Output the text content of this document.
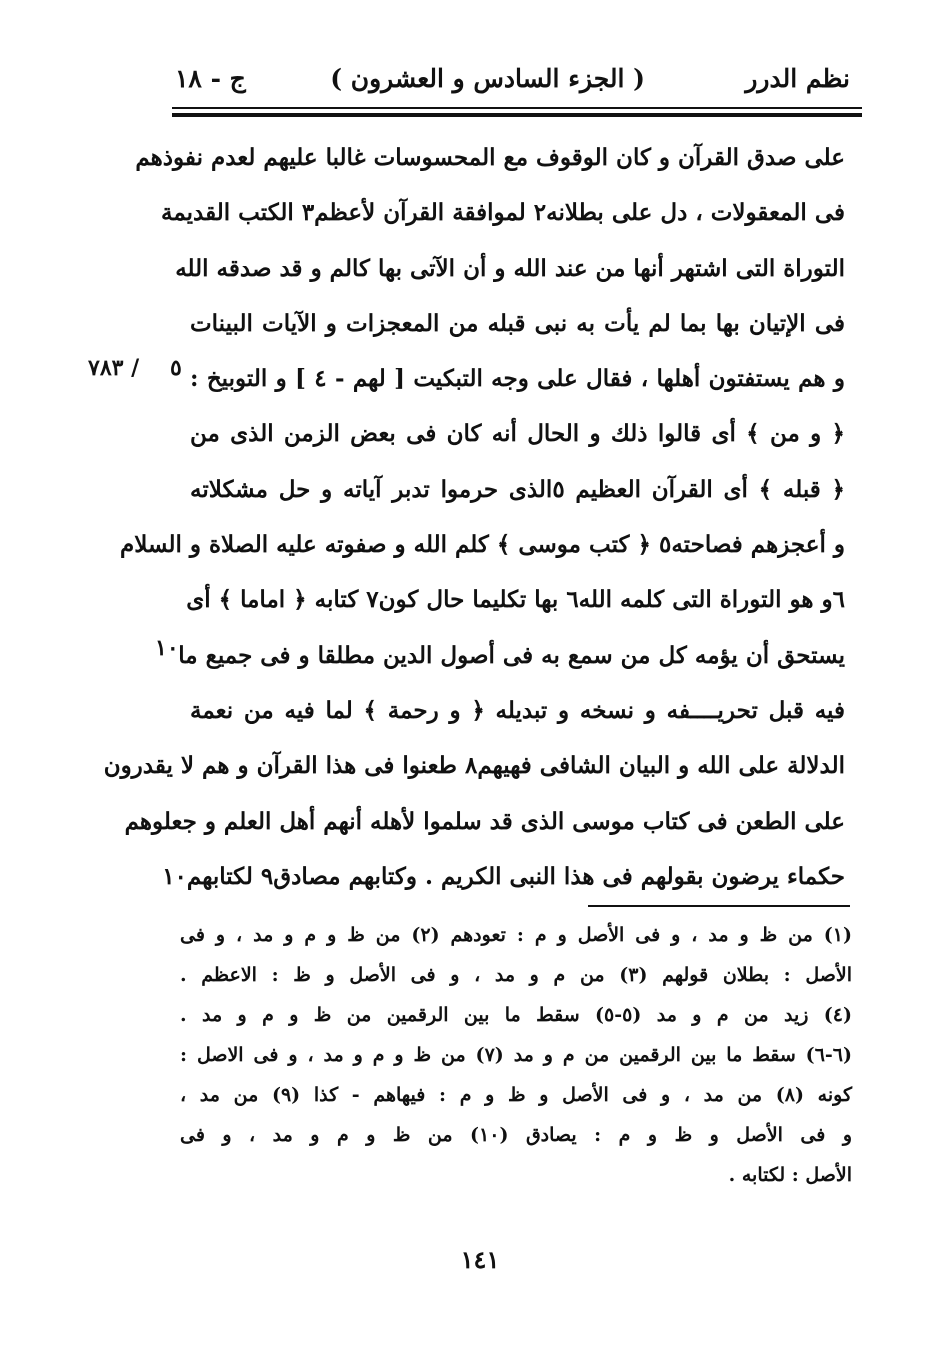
نظم الدرر
( الجزء السادس و العشرون )
ج - ١٨
على صدق القرآن و كان الوقوف مع المحسوسات غالبا عليهم لعدم نفوذهم
فى المعقولات ، دل على بطلانه٢ لموافقة القرآن لأعظم٣ الكتب القديمة
التوراة التى اشتهر أنها من عند الله و أن الآتى بها كالم و قد صدقه الله
فى الإتيان بها بما لم يأت به نبى قبله من المعجزات و الآيات البينات
و هم يستفتون أهلها ، فقال على وجه التبكيت [ لهم - ٤ ] و التوبيخ :
﴿ و من ﴾ أى قالوا ذلك و الحال أنه كان فى بعض الزمن الذى من
﴿ قبله ﴾ أى القرآن العظيم ٥الذى حرموا تدبر آياته و حل مشكلاته
و أعجزهم فصاحته٥ ﴿ كتب موسى ﴾ كلم الله و صفوته عليه الصلاة و السلام
٦و هو التوراة التى كلمه الله٦ بها تكليما حال كون٧ كتابه ﴿ اماما ﴾ أى
يستحق أن يؤمه كل من سمع به فى أصول الدين مطلقا و فى جميع ما
فيه قبل تحريــــفه و نسخه و تبديله ﴿ و رحمة ﴾ لما فيه من نعمة
الدلالة على الله و البيان الشافى فهيهم٨ طعنوا فى هذا القرآن و هم لا يقدرون
على الطعن فى كتاب موسى الذى قد سلموا لأهله أنهم أهل العلم و جعلوهم
حكماء يرضون بقولهم فى هذا النبى الكريم . وكتابهم مصادق٩ لكتابهم١٠
٥
/ ٧٨٣
١٠
(١) من ظ و مد ، و فى الأصل و م : تعودهم (٢) من ظ و م و مد ، و فى
الأصل : بطلان قولهم (٣) من م و مد ، و فى الأصل و ظ : الاعظم .
(٤) زيد من م و مد (٥-٥) سقط ما بين الرقمين من ظ و م و مد .
(٦-٦) سقط ما بين الرقمين من م و مد (٧) من ظ و م و مد ، و فى الاصل :
كونه (٨) من مد ، و فى الأصل و ظ و م : فيهاهم - كذا (٩) من مد ،
و فى الأصل و ظ و م : يصادق (١٠) من ظ و م و مد ، و فى
الأصل : لكتابه .
١٤١
